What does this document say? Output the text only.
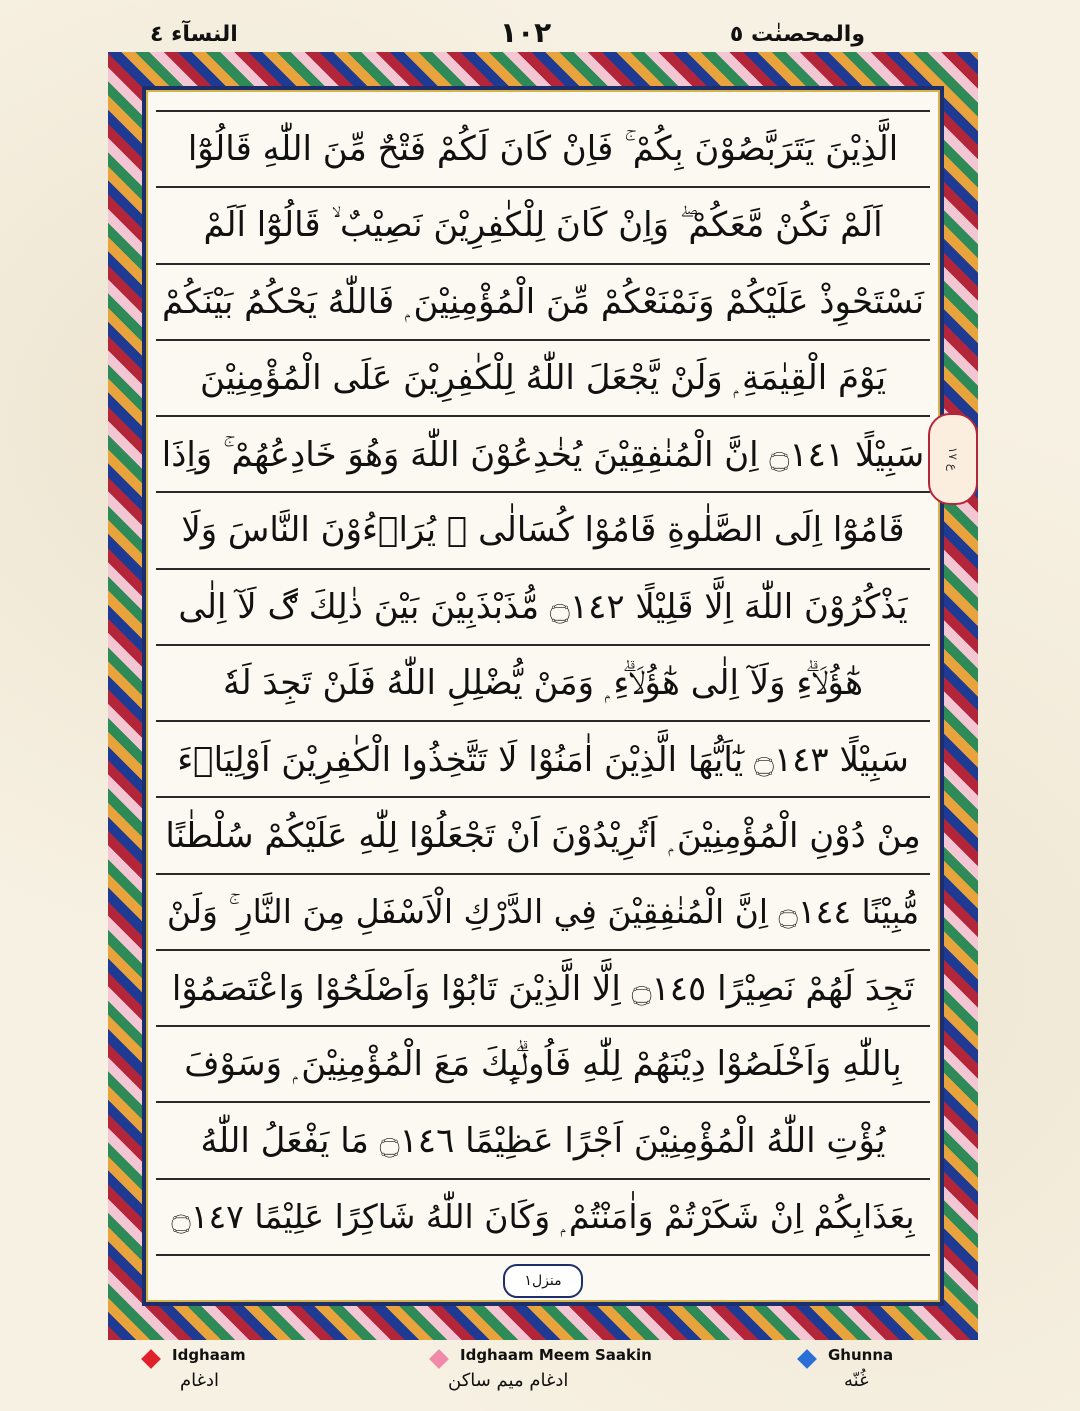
والمحصنٰت ٥
١٠٢
النسآء ٤
الَّذِيْنَ يَتَرَبَّصُوْنَ بِكُمْ ۚ فَاِنْ كَانَ لَكُمْ فَتْحٌ مِّنَ اللّٰهِ قَالُوْٓا
اَلَمْ نَكُنْ مَّعَكُمْ ۖ وَاِنْ كَانَ لِلْكٰفِرِيْنَ نَصِيْبٌ ۙ قَالُوْٓا اَلَمْ
نَسْتَحْوِذْ عَلَيْكُمْ وَنَمْنَعْكُمْ مِّنَ الْمُؤْمِنِيْنَ ۭ فَاللّٰهُ يَحْكُمُ بَيْنَكُمْ
يَوْمَ الْقِيٰمَةِ ۭ وَلَنْ يَّجْعَلَ اللّٰهُ لِلْكٰفِرِيْنَ عَلَى الْمُؤْمِنِيْنَ
سَبِيْلًا ۝١٤١ اِنَّ الْمُنٰفِقِيْنَ يُخٰدِعُوْنَ اللّٰهَ وَھُوَ خَادِعُھُمْ ۚ وَاِذَا
قَامُوْٓا اِلَى الصَّلٰوةِ قَامُوْا كُسَالٰى ۙ يُرَاۗءُوْنَ النَّاسَ وَلَا
يَذْكُرُوْنَ اللّٰهَ اِلَّا قَلِيْلًا ۝١٤٢ مُّذَبْذَبِيْنَ بَيْنَ ذٰلِكَ ڰ لَآ اِلٰى
هٰٓؤُلَاۗءِ وَلَآ اِلٰى هٰٓؤُلَاۗءِ ۭ وَمَنْ يُّضْلِلِ اللّٰهُ فَلَنْ تَجِدَ لَهٗ
سَبِيْلًا ۝١٤٣ يٰٓاَيُّھَا الَّذِيْنَ اٰمَنُوْا لَا تَتَّخِذُوا الْكٰفِرِيْنَ اَوْلِيَاۗءَ
مِنْ دُوْنِ الْمُؤْمِنِيْنَ ۭ اَتُرِيْدُوْنَ اَنْ تَجْعَلُوْا لِلّٰهِ عَلَيْكُمْ سُلْطٰنًا
مُّبِيْنًا ۝١٤٤ اِنَّ الْمُنٰفِقِيْنَ فِي الدَّرْكِ الْاَسْفَلِ مِنَ النَّارِ ۚ وَلَنْ
تَجِدَ لَھُمْ نَصِيْرًا ۝١٤٥ اِلَّا الَّذِيْنَ تَابُوْا وَاَصْلَحُوْا وَاعْتَصَمُوْا
بِاللّٰهِ وَاَخْلَصُوْا دِيْنَھُمْ لِلّٰهِ فَاُولٰۗىِٕكَ مَعَ الْمُؤْمِنِيْنَ ۭ وَسَوْفَ
يُؤْتِ اللّٰهُ الْمُؤْمِنِيْنَ اَجْرًا عَظِيْمًا ۝١٤٦ مَا يَفْعَلُ اللّٰهُ
بِعَذَابِكُمْ اِنْ شَكَرْتُمْ وَاٰمَنْتُمْ ۭ وَكَانَ اللّٰهُ شَاكِرًا عَلِيْمًا ۝١٤٧
منزل١
ع ١٧
Idghaam
ادغام
Idghaam Meem Saakin
ادغام میم ساکن
Ghunna
غُنّه
